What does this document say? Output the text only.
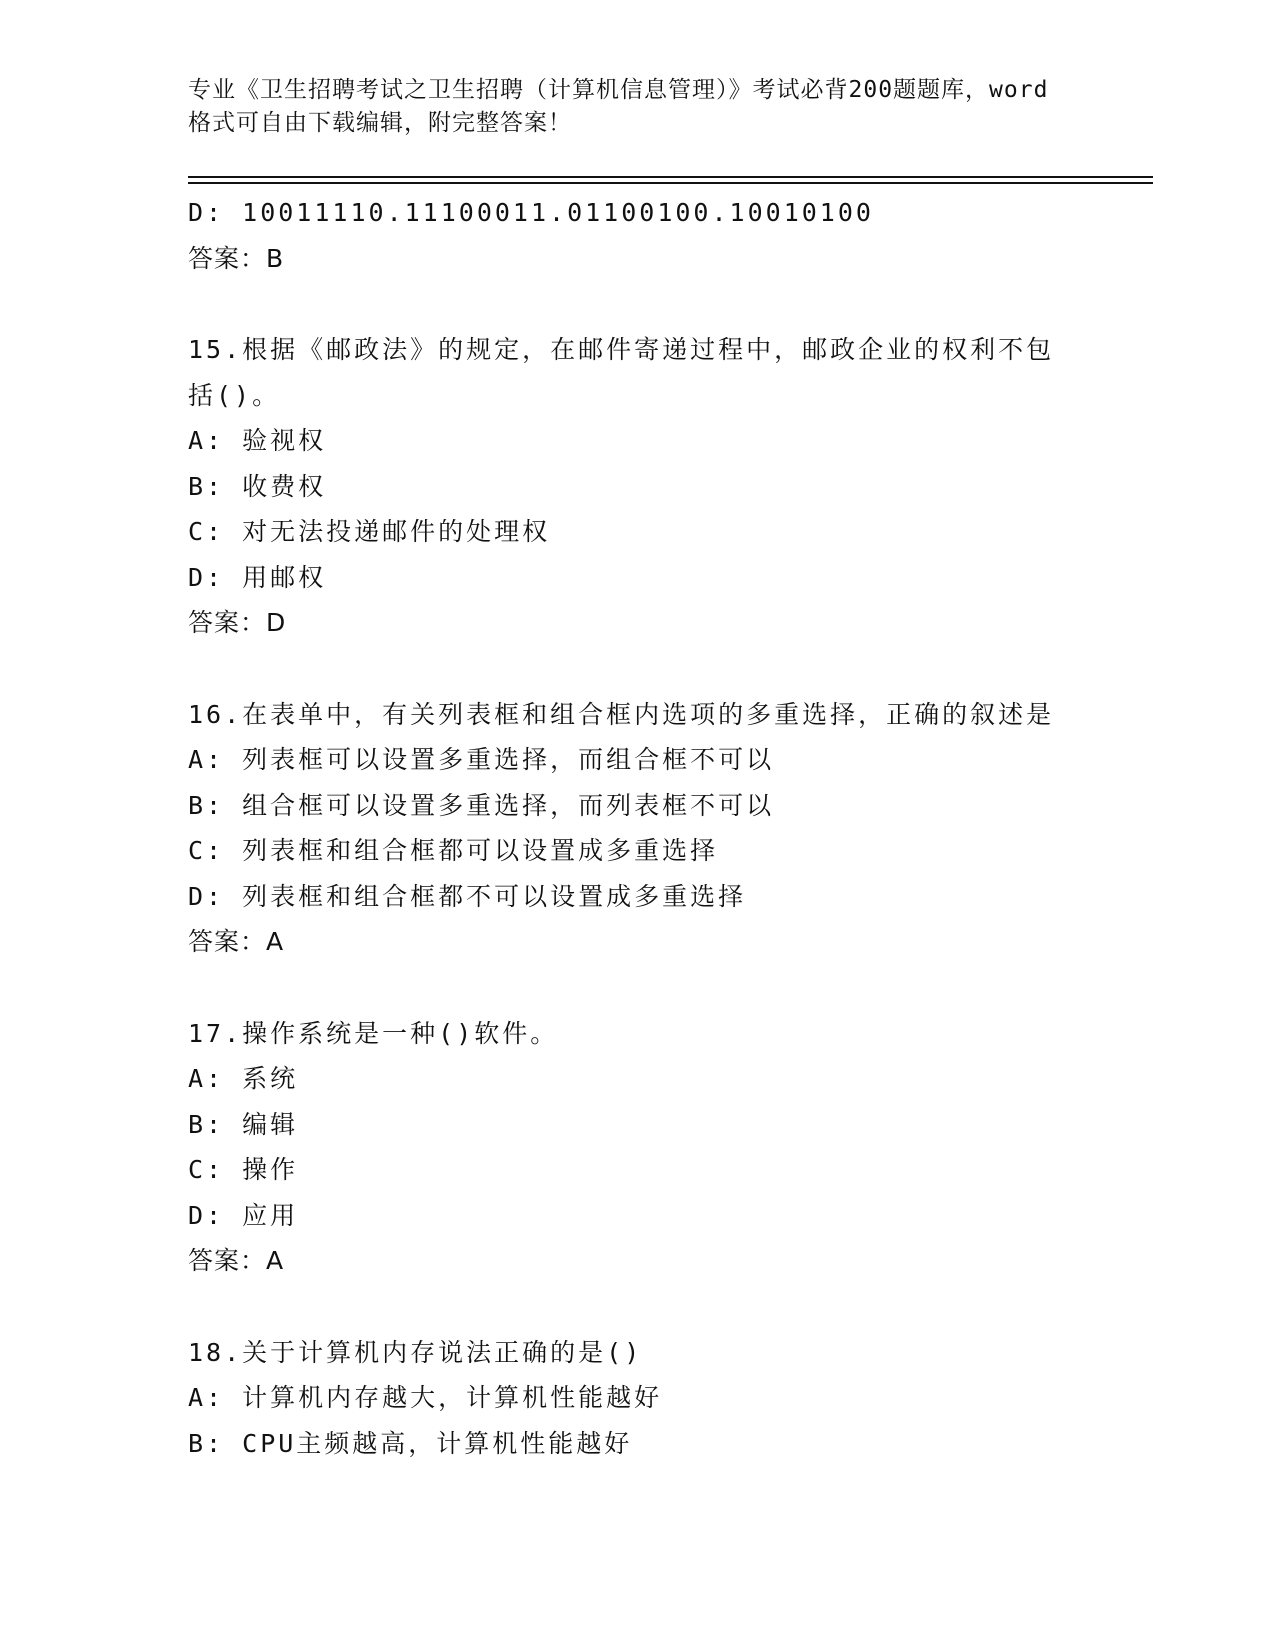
专业《卫生招聘考试之卫生招聘（计算机信息管理）》考试必背200题题库，word
格式可自由下载编辑，附完整答案！
D: 10011110.11100011.01100100.10010100
答案：B
15.根据《邮政法》的规定，在邮件寄递过程中，邮政企业的权利不包
括()。
A: 验视权
B: 收费权
C: 对无法投递邮件的处理权
D: 用邮权
答案：D
16.在表单中，有关列表框和组合框内选项的多重选择，正确的叙述是
A: 列表框可以设置多重选择，而组合框不可以
B: 组合框可以设置多重选择，而列表框不可以
C: 列表框和组合框都可以设置成多重选择
D: 列表框和组合框都不可以设置成多重选择
答案：A
17.操作系统是一种()软件。
A: 系统
B: 编辑
C: 操作
D: 应用
答案：A
18.关于计算机内存说法正确的是()
A: 计算机内存越大，计算机性能越好
B: CPU主频越高，计算机性能越好
